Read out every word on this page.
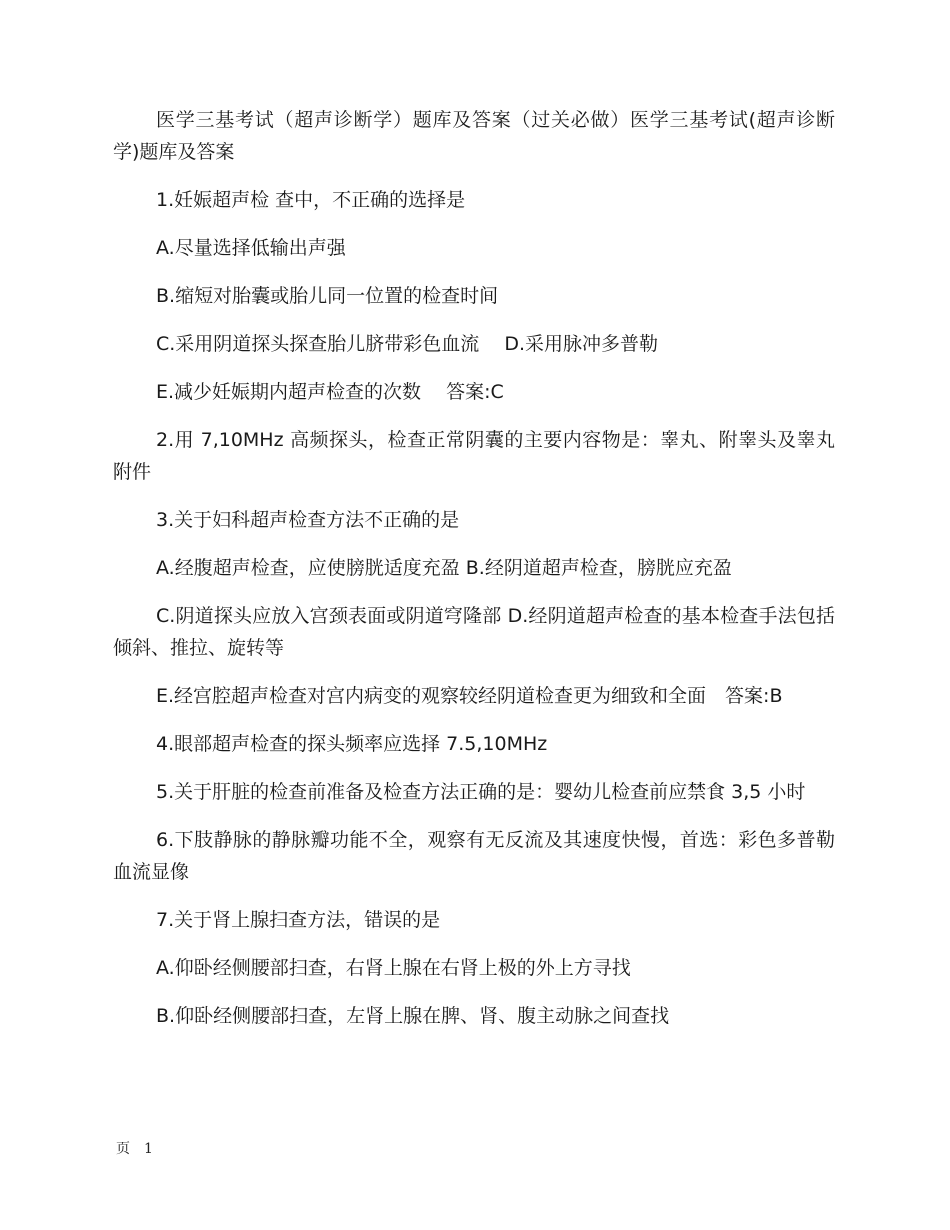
医学三基考试（超声诊断学）题库及答案（过关必做）医学三基考试(超声诊断学)题库及答案

1.妊娠超声检 查中，不正确的选择是

A.尽量选择低输出声强

B.缩短对胎囊或胎儿同一位置的检查时间

C.采用阴道探头探查胎儿脐带彩色血流　 D.采用脉冲多普勒

E.减少妊娠期内超声检查的次数　 答案:C

2.用 7,10MHz 高频探头，检查正常阴囊的主要内容物是：睾丸、附睾头及睾丸附件

3.关于妇科超声检查方法不正确的是

A.经腹超声检查，应使膀胱适度充盈 B.经阴道超声检查，膀胱应充盈

C.阴道探头应放入宫颈表面或阴道穹隆部 D.经阴道超声检查的基本检查手法包括倾斜、推拉、旋转等

E.经宫腔超声检查对宫内病变的观察较经阴道检查更为细致和全面　答案:B

4.眼部超声检查的探头频率应选择 7.5,10MHz

5.关于肝脏的检查前准备及检查方法正确的是：婴幼儿检查前应禁食 3,5 小时

6.下肢静脉的静脉瓣功能不全，观察有无反流及其速度快慢，首选：彩色多普勒血流显像

7.关于肾上腺扫查方法，错误的是

A.仰卧经侧腰部扫查，右肾上腺在右肾上极的外上方寻找

B.仰卧经侧腰部扫查，左肾上腺在脾、肾、腹主动脉之间查找

页 1
